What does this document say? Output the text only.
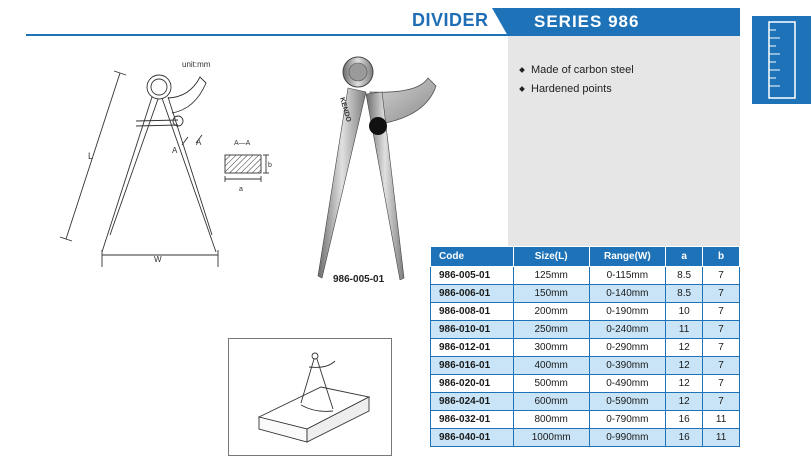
DIVIDER	SERIES 986
Made of carbon steel
Hardened points
unit:mm
L
W
A
A	A—A
a
b
KENDO
986-005-01
Code	Size(L)	Range(W)	a	b
986-005-01	125mm	0-115mm	8.5	7
986-006-01	150mm	0-140mm	8.5	7
986-008-01	200mm	0-190mm	10	7
986-010-01	250mm	0-240mm	11	7
986-012-01	300mm	0-290mm	12	7
986-016-01	400mm	0-390mm	12	7
986-020-01	500mm	0-490mm	12	7
986-024-01	600mm	0-590mm	12	7
986-032-01	800mm	0-790mm	16	11
986-040-01	1000mm	0-990mm	16	11
